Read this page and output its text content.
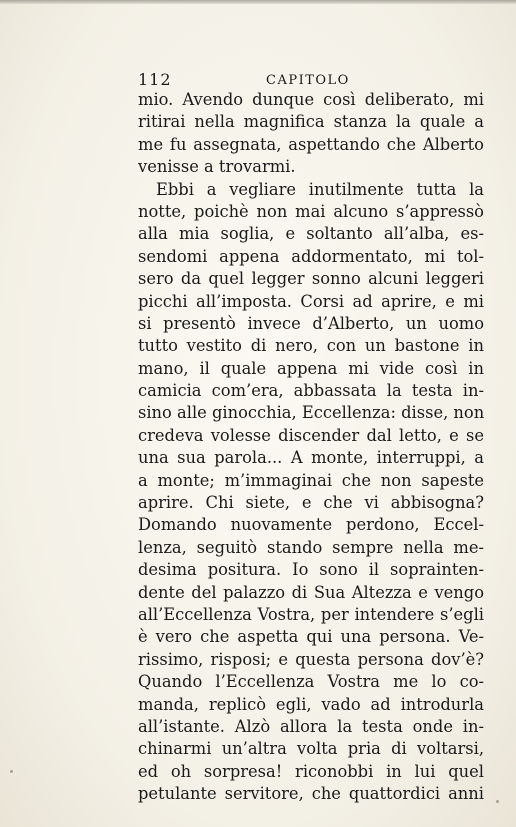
112	CAPITOLO
mio. Avendo dunque così deliberato, mi
ritirai nella magnifica stanza la quale a
me fu assegnata, aspettando che Alberto
venisse a trovarmi.
Ebbi a vegliare inutilmente tutta la
notte, poichè non mai alcuno s’appressò
alla mia soglia, e soltanto all’alba, es-
sendomi appena addormentato, mi tol-
sero da quel legger sonno alcuni leggeri
picchi all’imposta. Corsi ad aprire, e mi
si presentò invece d’Alberto, un uomo
tutto vestito di nero, con un bastone in
mano, il quale appena mi vide così in
camicia com’era, abbassata la testa in-
sino alle ginocchia, Eccellenza: disse, non
credeva volesse discender dal letto, e se
una sua parola... A monte, interruppi, a
a monte; m’immaginai che non sapeste
aprire. Chi siete, e che vi abbisogna?
Domando nuovamente perdono, Eccel-
lenza, seguitò stando sempre nella me-
desima positura. Io sono il soprainten-
dente del palazzo di Sua Altezza e vengo
all’Eccellenza Vostra, per intendere s’egli
è vero che aspetta qui una persona. Ve-
rissimo, risposi; e questa persona dov’è?
Quando l’Eccellenza Vostra me lo co-
manda, replicò egli, vado ad introdurla
all’istante. Alzò allora la testa onde in-
chinarmi un’altra volta pria di voltarsi,
ed oh sorpresa! riconobbi in lui quel
petulante servitore, che quattordici anni
